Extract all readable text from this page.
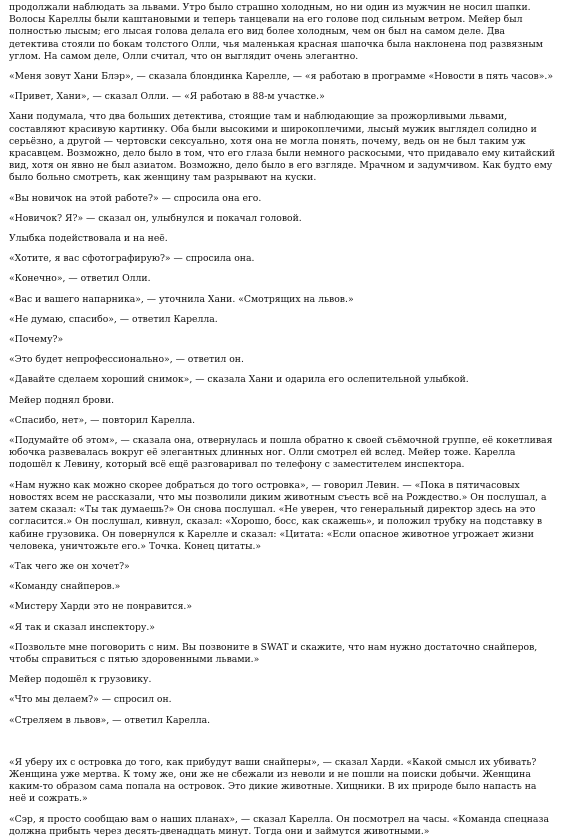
продолжали наблюдать за львами. Утро было страшно холодным, но ни один из мужчин не носил шапки. Волосы Кареллы были каштановыми и теперь танцевали на его голове под сильным ветром. Мейер был полностью лысым; его лысая голова делала его вид более холодным, чем он был на самом деле. Два детектива стояли по бокам толстого Олли, чья маленькая красная шапочка была наклонена под развязным углом. На самом деле, Олли считал, что он выглядит очень элегантно.

«Меня зовут Хани Блэр», — сказала блондинка Карелле, — «я работаю в программе «Новости в пять часов».»

«Привет, Хани», — сказал Олли. — «Я работаю в 88-м участке.»

Хани подумала, что два больших детектива, стоящие там и наблюдающие за прожорливыми львами, составляют красивую картинку. Оба были высокими и широкоплечими, лысый мужик выглядел солидно и серьёзно, а другой — чертовски сексуально, хотя она не могла понять, почему, ведь он не был таким уж красавцем. Возможно, дело было в том, что его глаза были немного раскосыми, что придавало ему китайский вид, хотя он явно не был азиатом. Возможно, дело было в его взгляде. Мрачном и задумчивом. Как будто ему было больно смотреть, как женщину там разрывают на куски.

«Вы новичок на этой работе?» — спросила она его.

«Новичок? Я?» — сказал он, улыбнулся и покачал головой.

Улыбка подействовала и на неё.

«Хотите, я вас сфотографирую?» — спросила она.

«Конечно», — ответил Олли.

«Вас и вашего напарника», — уточнила Хани. «Смотрящих на львов.»

«Не думаю, спасибо», — ответил Карелла.

«Почему?»

«Это будет непрофессионально», — ответил он.

«Давайте сделаем хороший снимок», — сказала Хани и одарила его ослепительной улыбкой.

Мейер поднял брови.

«Спасибо, нет», — повторил Карелла.

«Подумайте об этом», — сказала она, отвернулась и пошла обратно к своей съёмочной группе, её кокетливая юбочка развевалась вокруг её элегантных длинных ног. Олли смотрел ей вслед. Мейер тоже. Карелла подошёл к Левину, который всё ещё разговаривал по телефону с заместителем инспектора.

«Нам нужно как можно скорее добраться до того островка», — говорил Левин. — «Пока в пятичасовых новостях всем не рассказали, что мы позволили диким животным съесть всё на Рождество.» Он послушал, а затем сказал: «Ты так думаешь?» Он снова послушал. «Не уверен, что генеральный директор здесь на это согласится.» Он послушал, кивнул, сказал: «Хорошо, босс, как скажешь», и положил трубку на подставку в кабине грузовика. Он повернулся к Карелле и сказал: «Цитата: «Если опасное животное угрожает жизни человека, уничтожьте его.» Точка. Конец цитаты.»

«Так чего же он хочет?»

«Команду снайперов.»

«Мистеру Харди это не понравится.»

«Я так и сказал инспектору.»

«Позвольте мне поговорить с ним. Вы позвоните в SWAT и скажите, что нам нужно достаточно снайперов, чтобы справиться с пятью здоровенными львами.»

Мейер подошёл к грузовику.

«Что мы делаем?» — спросил он.

«Стреляем в львов», — ответил Карелла.

«Я уберу их с островка до того, как прибудут ваши снайперы», — сказал Харди. «Какой смысл их убивать? Женщина уже мертва. К тому же, они же не сбежали из неволи и не пошли на поиски добычи. Женщина каким-то образом сама попала на островок. Это дикие животные. Хищники. В их природе было напасть на неё и сожрать.»

«Сэр, я просто сообщаю вам о наших планах», — сказал Карелла. Он посмотрел на часы. «Команда спецназа должна прибыть через десять-двенадцать минут. Тогда они и займутся животными.»
